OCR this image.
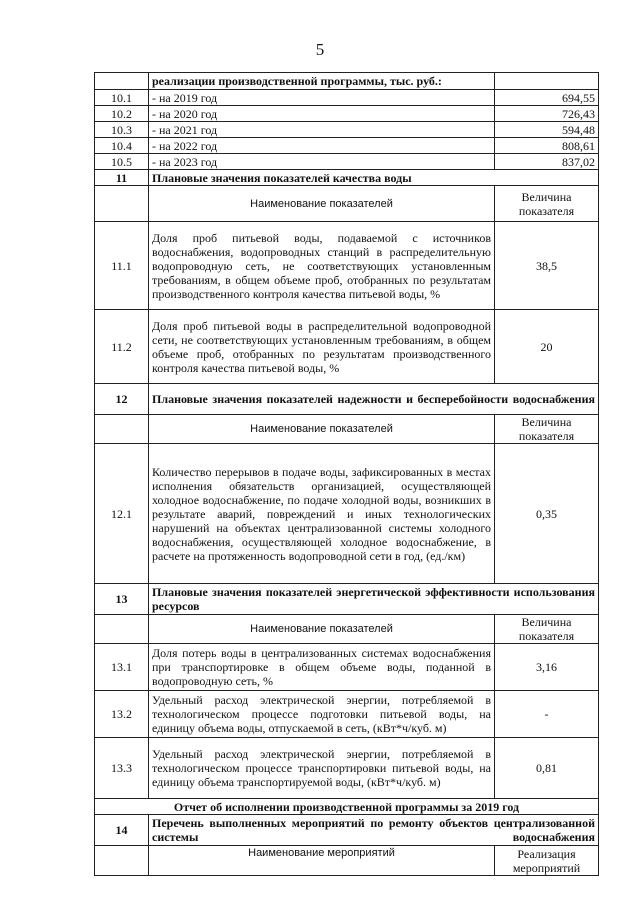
5
	реализации производственной программы, тыс. руб.:	
10.1	- на 2019 год	694,55
10.2	- на 2020 год	726,43
10.3	- на 2021 год	594,48
10.4	- на 2022 год	808,61
10.5	- на 2023 год	837,02
11	Плановые значения показателей качества воды	
	Наименование показателей	Величина показателя
11.1	Доля проб питьевой воды, подаваемой с источников водоснабжения, водопроводных станций в распределительную водопроводную сеть, не соответствующих установленным требованиям, в общем объеме проб, отобранных по результатам производственного контроля качества питьевой воды, %	38,5
11.2	Доля проб питьевой воды в распределительной водопроводной сети, не соответствующих установленным требованиям, в общем объеме проб, отобранных по результатам производственного контроля качества питьевой воды, %	20
12	Плановые значения показателей надежности и бесперебойности водоснабжения	
	Наименование показателей	Величина показателя
12.1	Количество перерывов в подаче воды, зафиксированных в местах исполнения обязательств организацией, осуществляющей холодное водоснабжение, по подаче холодной воды, возникших в результате аварий, повреждений и иных технологических нарушений на объектах централизованной системы холодного водоснабжения, осуществляющей холодное водоснабжение, в расчете на протяженность водопроводной сети в год, (ед./км)	0,35
13	Плановые значения показателей энергетической эффективности использования ресурсов	
	Наименование показателей	Величина показателя
13.1	Доля потерь воды в централизованных системах водоснабжения при транспортировке в общем объеме воды, поданной в водопроводную сеть, %	3,16
13.2	Удельный расход электрической энергии, потребляемой в технологическом процессе подготовки питьевой воды, на единицу объема воды, отпускаемой в сеть, (кВт*ч/куб. м)	-
13.3	Удельный расход электрической энергии, потребляемой в технологическом процессе транспортировки питьевой воды, на единицу объема транспортируемой воды, (кВт*ч/куб. м)	0,81
Отчет об исполнении производственной программы за 2019 год		
14	Перечень выполненных мероприятий по ремонту объектов централизованной системы водоснабжения	
	Наименование мероприятий	Реализация мероприятий
